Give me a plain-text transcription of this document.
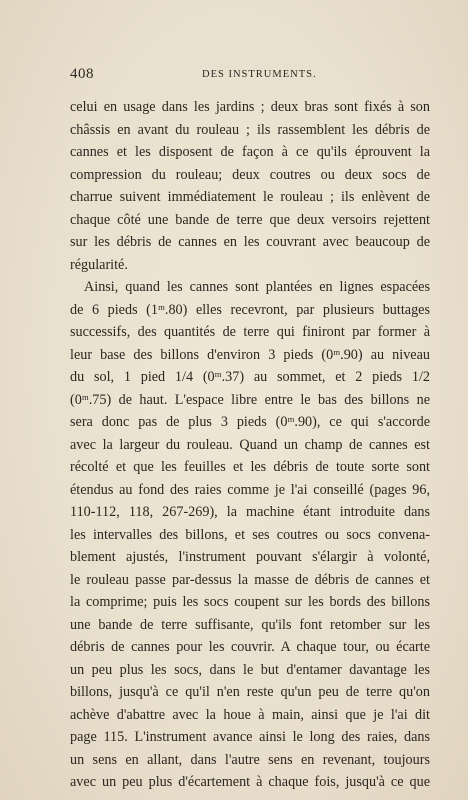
408	DES INSTRUMENTS.
celui en usage dans les jardins ; deux bras sont fixés à son
châssis en avant du rouleau ; ils rassemblent les débris de
cannes et les disposent de façon à ce qu'ils éprouvent la
compression du rouleau; deux coutres ou deux socs de
charrue suivent immédiatement le rouleau ; ils enlèvent de
chaque côté une bande de terre que deux versoirs rejettent
sur les débris de cannes en les couvrant avec beaucoup de
régularité.
Ainsi, quand les cannes sont plantées en lignes espacées
de 6 pieds (1ᵐ.80) elles recevront, par plusieurs buttages
successifs, des quantités de terre qui finiront par former à
leur base des billons d'environ 3 pieds (0ᵐ.90) au niveau
du sol, 1 pied 1/4 (0ᵐ.37) au sommet, et 2 pieds 1/2
(0ᵐ.75) de haut. L'espace libre entre le bas des billons ne
sera donc pas de plus 3 pieds (0ᵐ.90), ce qui s'accorde
avec la largeur du rouleau. Quand un champ de cannes est
récolté et que les feuilles et les débris de toute sorte sont
étendus au fond des raies comme je l'ai conseillé (pages 96,
110-112, 118, 267-269), la machine étant introduite dans
les intervalles des billons, et ses coutres ou socs convena-
blement ajustés, l'instrument pouvant s'élargir à volonté,
le rouleau passe par-dessus la masse de débris de cannes et
la comprime; puis les socs coupent sur les bords des billons
une bande de terre suffisante, qu'ils font retomber sur les
débris de cannes pour les couvrir. A chaque tour, ou écarte
un peu plus les socs, dans le but d'entamer davantage les
billons, jusqu'à ce qu'il n'en reste qu'un peu de terre qu'on
achève d'abattre avec la houe à main, ainsi que je l'ai dit
page 115. L'instrument avance ainsi le long des raies, dans
un sens en allant, dans l'autre sens en revenant, toujours
avec un peu plus d'écartement à chaque fois, jusqu'à ce que
